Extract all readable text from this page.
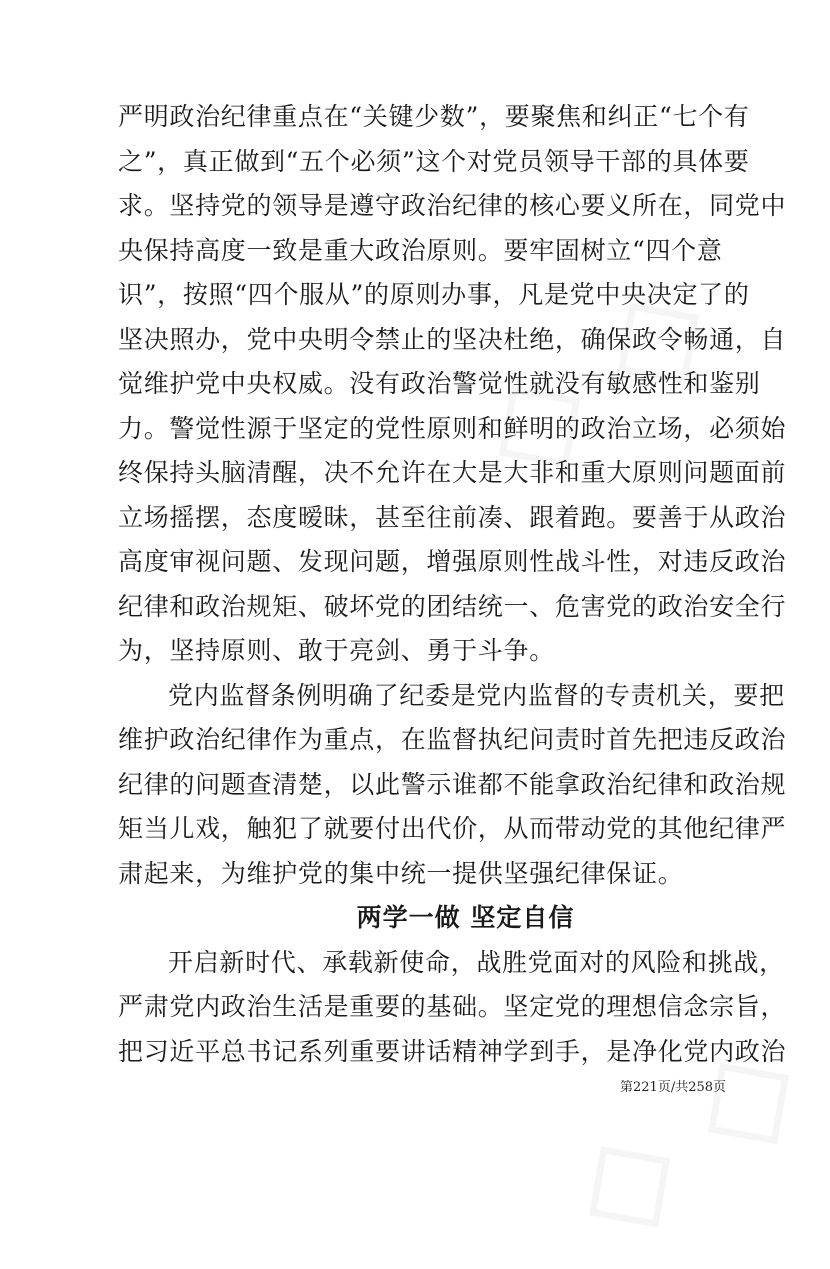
严明政治纪律重点在“关键少数”，要聚焦和纠正“七个有
之”，真正做到“五个必须”这个对党员领导干部的具体要
求。坚持党的领导是遵守政治纪律的核心要义所在，同党中
央保持高度一致是重大政治原则。要牢固树立“四个意
识”，按照“四个服从”的原则办事，凡是党中央决定了的
坚决照办，党中央明令禁止的坚决杜绝，确保政令畅通，自
觉维护党中央权威。没有政治警觉性就没有敏感性和鉴别
力。警觉性源于坚定的党性原则和鲜明的政治立场，必须始
终保持头脑清醒，决不允许在大是大非和重大原则问题面前
立场摇摆，态度暧昧，甚至往前凑、跟着跑。要善于从政治
高度审视问题、发现问题，增强原则性战斗性，对违反政治
纪律和政治规矩、破坏党的团结统一、危害党的政治安全行
为，坚持原则、敢于亮剑、勇于斗争。
党内监督条例明确了纪委是党内监督的专责机关，要把
维护政治纪律作为重点，在监督执纪问责时首先把违反政治
纪律的问题查清楚，以此警示谁都不能拿政治纪律和政治规
矩当儿戏，触犯了就要付出代价，从而带动党的其他纪律严
肃起来，为维护党的集中统一提供坚强纪律保证。
两学一做 坚定自信
开启新时代、承载新使命，战胜党面对的风险和挑战，
严肃党内政治生活是重要的基础。坚定党的理想信念宗旨，
把习近平总书记系列重要讲话精神学到手，是净化党内政治
第221页/共258页
